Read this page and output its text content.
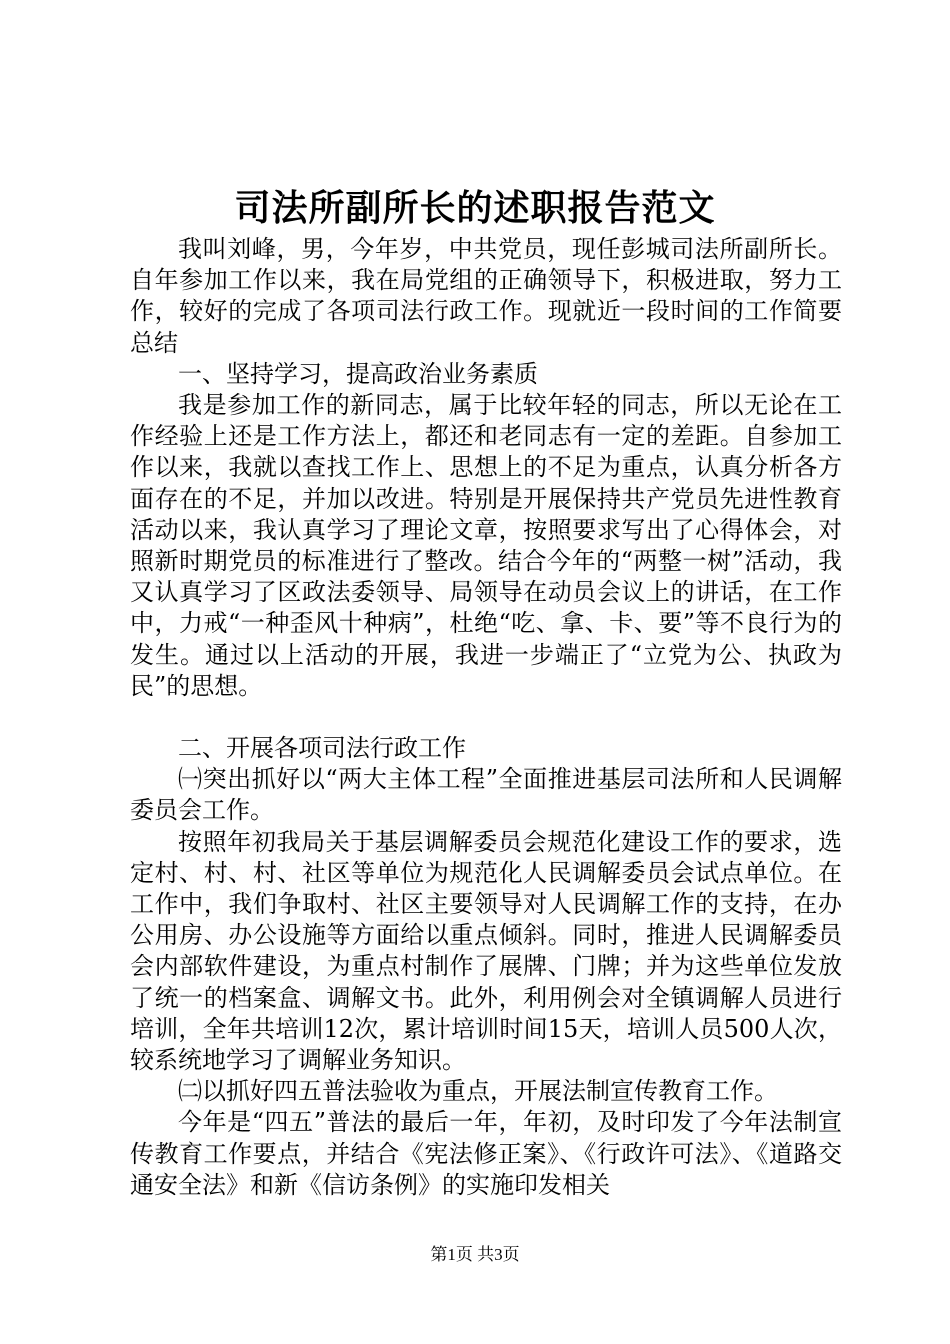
司法所副所长的述职报告范文

我叫刘峰，男，今年岁，中共党员，现任彭城司法所副所长。自年参加工作以来，我在局党组的正确领导下，积极进取，努力工作，较好的完成了各项司法行政工作。现就近一段时间的工作简要总结

一、坚持学习，提高政治业务素质

我是参加工作的新同志，属于比较年轻的同志，所以无论在工作经验上还是工作方法上，都还和老同志有一定的差距。自参加工作以来，我就以查找工作上、思想上的不足为重点，认真分析各方面存在的不足，并加以改进。特别是开展保持共产党员先进性教育活动以来，我认真学习了理论文章，按照要求写出了心得体会，对照新时期党员的标准进行了整改。结合今年的“两整一树”活动，我又认真学习了区政法委领导、局领导在动员会议上的讲话，在工作中，力戒“一种歪风十种病”，杜绝“吃、拿、卡、要”等不良行为的发生。通过以上活动的开展，我进一步端正了“立党为公、执政为民”的思想。

二、开展各项司法行政工作

㈠突出抓好以“两大主体工程”全面推进基层司法所和人民调解委员会工作。

按照年初我局关于基层调解委员会规范化建设工作的要求，选定村、村、村、社区等单位为规范化人民调解委员会试点单位。在工作中，我们争取村、社区主要领导对人民调解工作的支持，在办公用房、办公设施等方面给以重点倾斜。同时，推进人民调解委员会内部软件建设，为重点村制作了展牌、门牌；并为这些单位发放了统一的档案盒、调解文书。此外，利用例会对全镇调解人员进行培训，全年共培训12次，累计培训时间15天，培训人员500人次，较系统地学习了调解业务知识。

㈡以抓好四五普法验收为重点，开展法制宣传教育工作。

今年是“四五”普法的最后一年，年初，及时印发了今年法制宣传教育工作要点，并结合《宪法修正案》、《行政许可法》、《道路交通安全法》和新《信访条例》的实施印发相关

第1页 共3页
